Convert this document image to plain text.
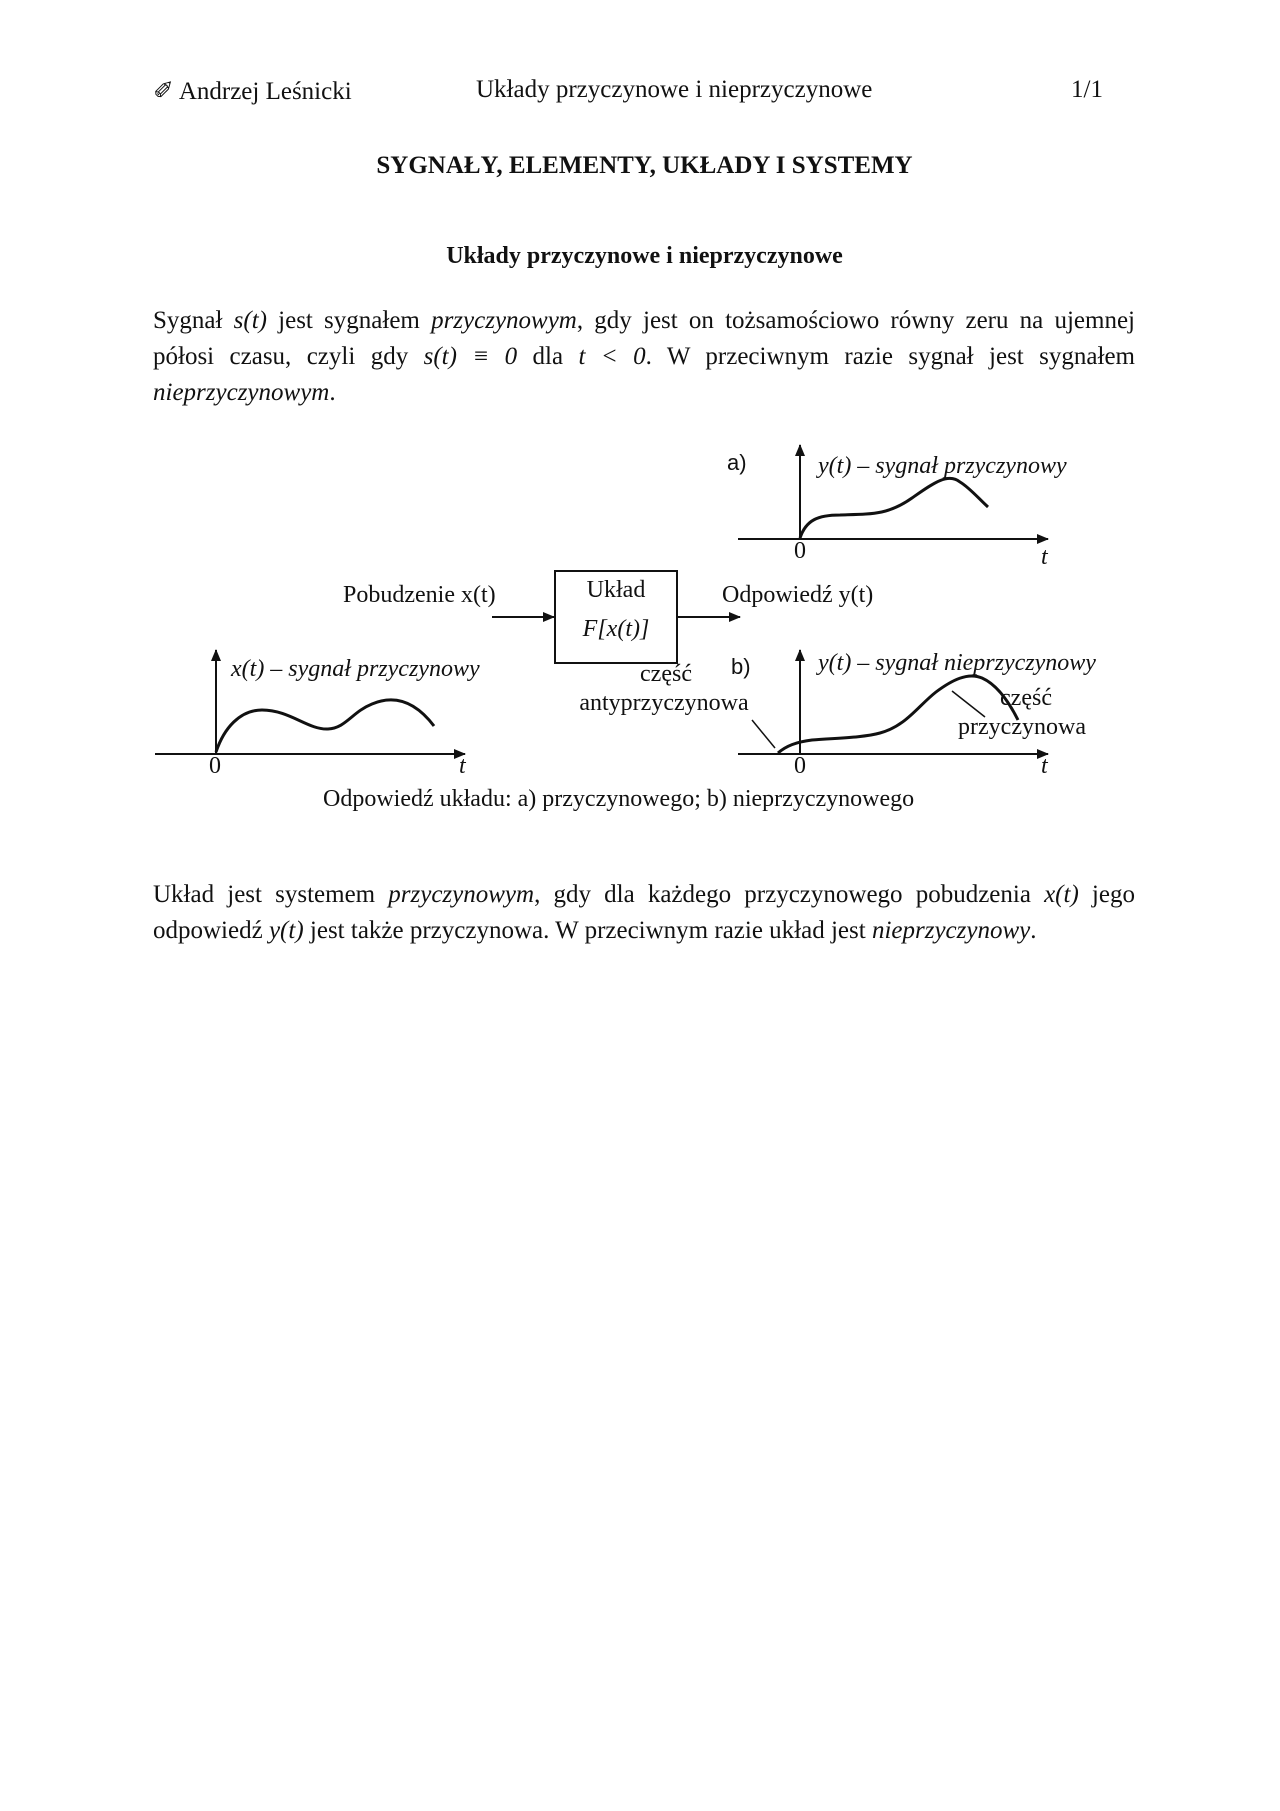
✐ Andrzej Leśnicki	Układy przyczynowe i nieprzyczynowe	1/1
SYGNAŁY, ELEMENTY, UKŁADY I SYSTEMY
Układy przyczynowe i nieprzyczynowe
Sygnał s(t) jest sygnałem przyczynowym, gdy jest on tożsamościowo równy zeru na ujemnej półosi czasu, czyli gdy s(t) ≡ 0 dla t < 0. W przeciwnym razie sygnał jest sygnałem nieprzyczynowym.
a)	y(t) – sygnał przyczynowy
0	t
Pobudzenie x(t)	Układ
F[x(t)]
Odpowiedź y(t)
x(t) – sygnał przyczynowy
0	t
b)	y(t) – sygnał nieprzyczynowy
0	t
część
antyprzyczynowa	część
przyczynowa
Odpowiedź układu: a) przyczynowego; b) nieprzyczynowego
Układ jest systemem przyczynowym, gdy dla każdego przyczynowego pobudzenia x(t) jego odpowiedź y(t) jest także przyczynowa. W przeciwnym razie układ jest nieprzyczynowy.
